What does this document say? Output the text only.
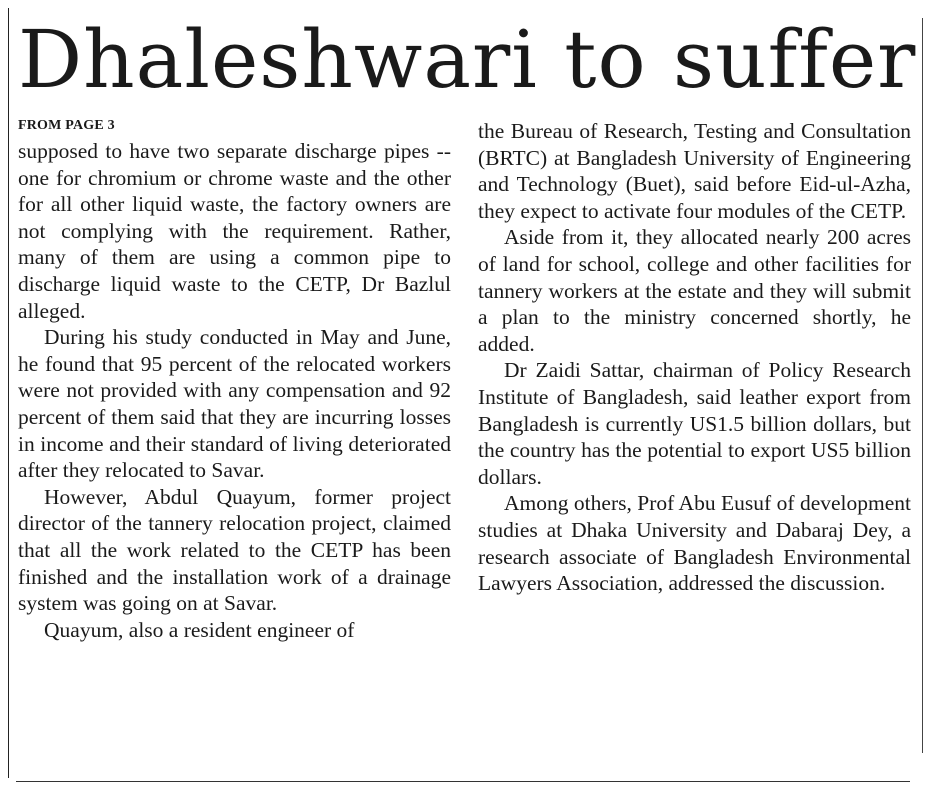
Dhaleshwari to suffer
FROM PAGE 3

supposed to have two separate discharge pipes -- one for chromium or chrome waste and the other for all other liquid waste, the factory owners are not complying with the requirement. Rather, many of them are using a common pipe to discharge liquid waste to the CETP, Dr Bazlul alleged.

During his study conducted in May and June, he found that 95 percent of the relocated workers were not provided with any compensation and 92 percent of them said that they are incurring losses in income and their standard of living deteriorated after they relocated to Savar.

However, Abdul Quayum, former project director of the tannery relocation project, claimed that all the work related to the CETP has been finished and the installation work of a drainage system was going on at Savar.

Quayum, also a resident engineer of

the Bureau of Research, Testing and Consultation (BRTC) at Bangladesh University of Engineering and Technology (Buet), said before Eid-ul-Azha, they expect to activate four modules of the CETP.

Aside from it, they allocated nearly 200 acres of land for school, college and other facilities for tannery workers at the estate and they will submit a plan to the ministry concerned shortly, he added.

Dr Zaidi Sattar, chairman of Policy Research Institute of Bangladesh, said leather export from Bangladesh is currently US1.5 billion dollars, but the country has the potential to export US5 billion dollars.

Among others, Prof Abu Eusuf of development studies at Dhaka University and Dabaraj Dey, a research associate of Bangladesh Environmental Lawyers Association, addressed the discussion.
